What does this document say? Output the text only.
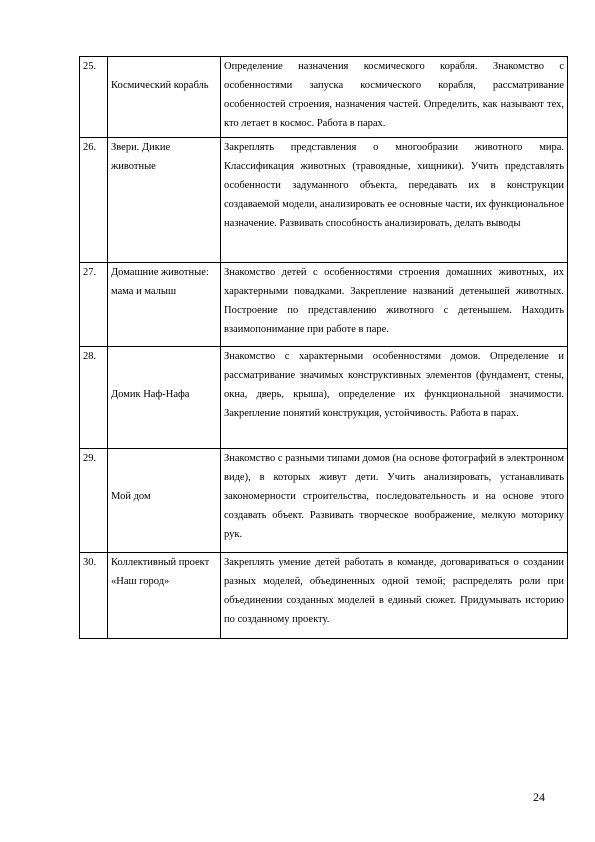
25.	Космический корабль	Определение назначения космического корабля. Знакомство с особенностями запуска космического корабля, рассматривание особенностей строения, назначения частей. Определить, как называют тех, кто летает в космос. Работа в парах.
26.	Звери. Дикие животные	Закреплять представления о многообразии животного мира. Классификация животных (травоядные, хищники). Учить представлять особенности задуманного объекта, передавать их в конструкции создаваемой модели, анализировать ее основные части, их функциональное назначение. Развивать способность анализировать, делать выводы
27.	Домашние животные: мама и малыш	Знакомство детей с особенностями строения домашних животных, их характерными повадками. Закрепление названий детенышей животных. Построение по представлению животного с детенышем. Находить взаимопонимание при работе в паре.
28.	Домик Наф-Нафа	Знакомство с характерными особенностями домов. Определение и рассматривание значимых конструктивных элементов (фундамент, стены, окна, дверь, крыша), определение их функциональной значимости. Закрепление понятий конструкция, устойчивость. Работа в парах.
29.	Мой дом	Знакомство с разными типами домов (на основе фотографий в электронном виде), в которых живут дети. Учить анализировать, устанавливать закономерности строительства, последовательность и на основе этого создавать объект. Развивать творческое воображение, мелкую моторику рук.
30.	Коллективный проект «Наш город»	Закреплять умение детей работать в команде, договариваться о создании разных моделей, объединенных одной темой; распределять роли при объединении созданных моделей в единый сюжет. Придумывать историю по созданному проекту.
24
